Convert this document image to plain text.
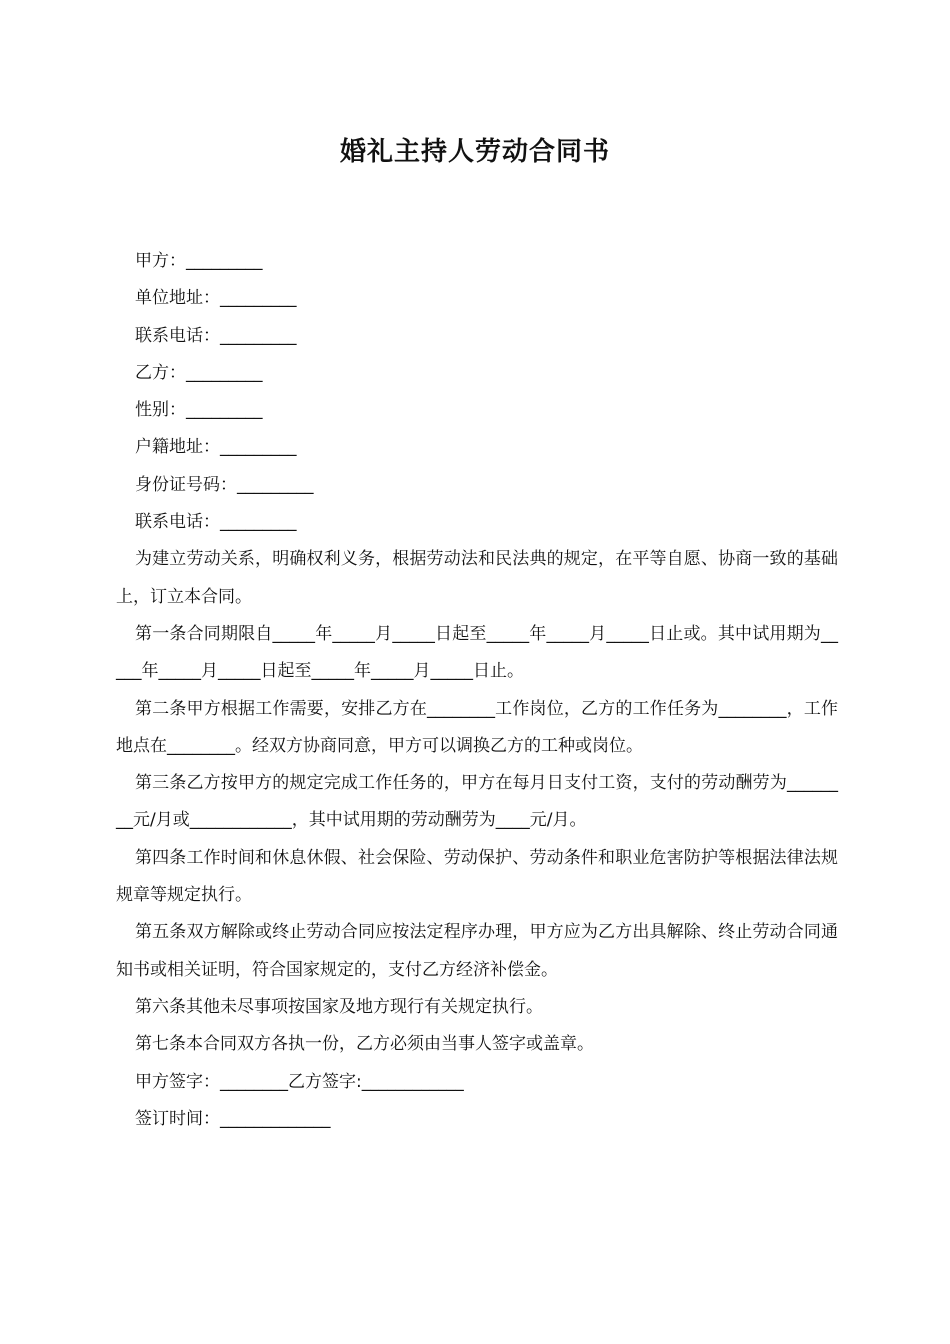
婚礼主持人劳动合同书
甲方：_________
单位地址：_________
联系电话：_________
乙方：_________
性别：_________
户籍地址：_________
身份证号码：_________
联系电话：_________
为建立劳动关系，明确权利义务，根据劳动法和民法典的规定，在平等自愿、协商一致的基础上，订立本合同。
第一条合同期限自_____年_____月_____日起至_____年_____月_____日止或。其中试用期为_____年_____月_____日起至_____年_____月_____日止。
第二条甲方根据工作需要，安排乙方在________工作岗位，乙方的工作任务为________，工作地点在________。经双方协商同意，甲方可以调换乙方的工种或岗位。
第三条乙方按甲方的规定完成工作任务的，甲方在每月日支付工资，支付的劳动酬劳为________元/月或____________，其中试用期的劳动酬劳为____元/月。
第四条工作时间和休息休假、社会保险、劳动保护、劳动条件和职业危害防护等根据法律法规规章等规定执行。
第五条双方解除或终止劳动合同应按法定程序办理，甲方应为乙方出具解除、终止劳动合同通知书或相关证明，符合国家规定的，支付乙方经济补偿金。
第六条其他未尽事项按国家及地方现行有关规定执行。
第七条本合同双方各执一份，乙方必须由当事人签字或盖章。
甲方签字：________乙方签字:____________
签订时间：_____________
